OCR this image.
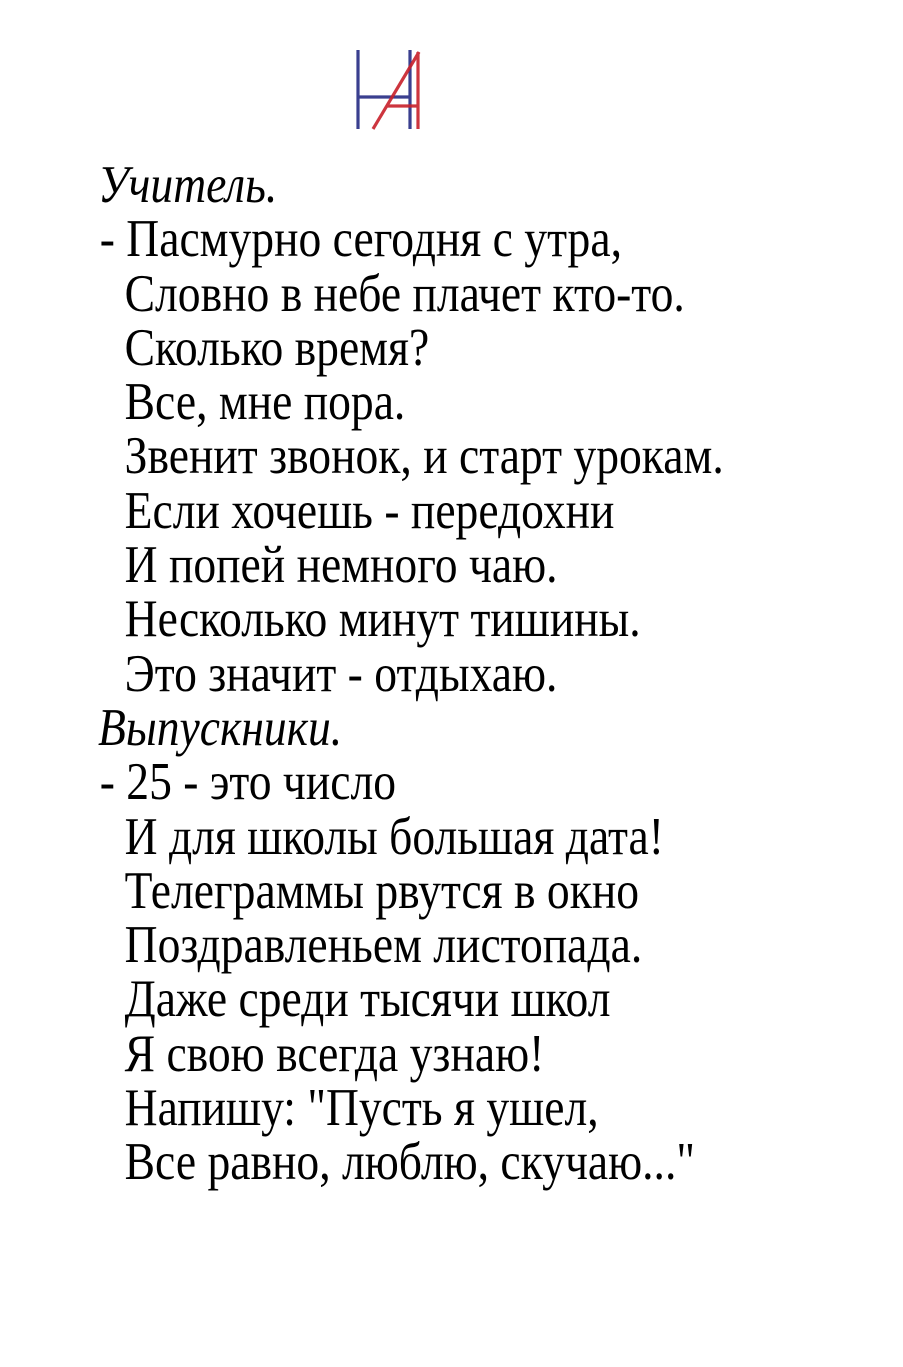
Учитель.
- Пасмурно сегодня с утра,
Словно в небе плачет кто-то.
Сколько время?
Все, мне пора.
Звенит звонок, и старт урокам.
Если хочешь - передохни
И попей немного чаю.
Несколько минут тишины.
Это значит - отдыхаю.
Выпускники.
- 25 - это число
И для школы большая дата!
Телеграммы рвутся в окно
Поздравленьем листопада.
Даже среди тысячи школ
Я свою всегда узнаю!
Напишу: "Пусть я ушел,
Все равно, люблю, скучаю..."
